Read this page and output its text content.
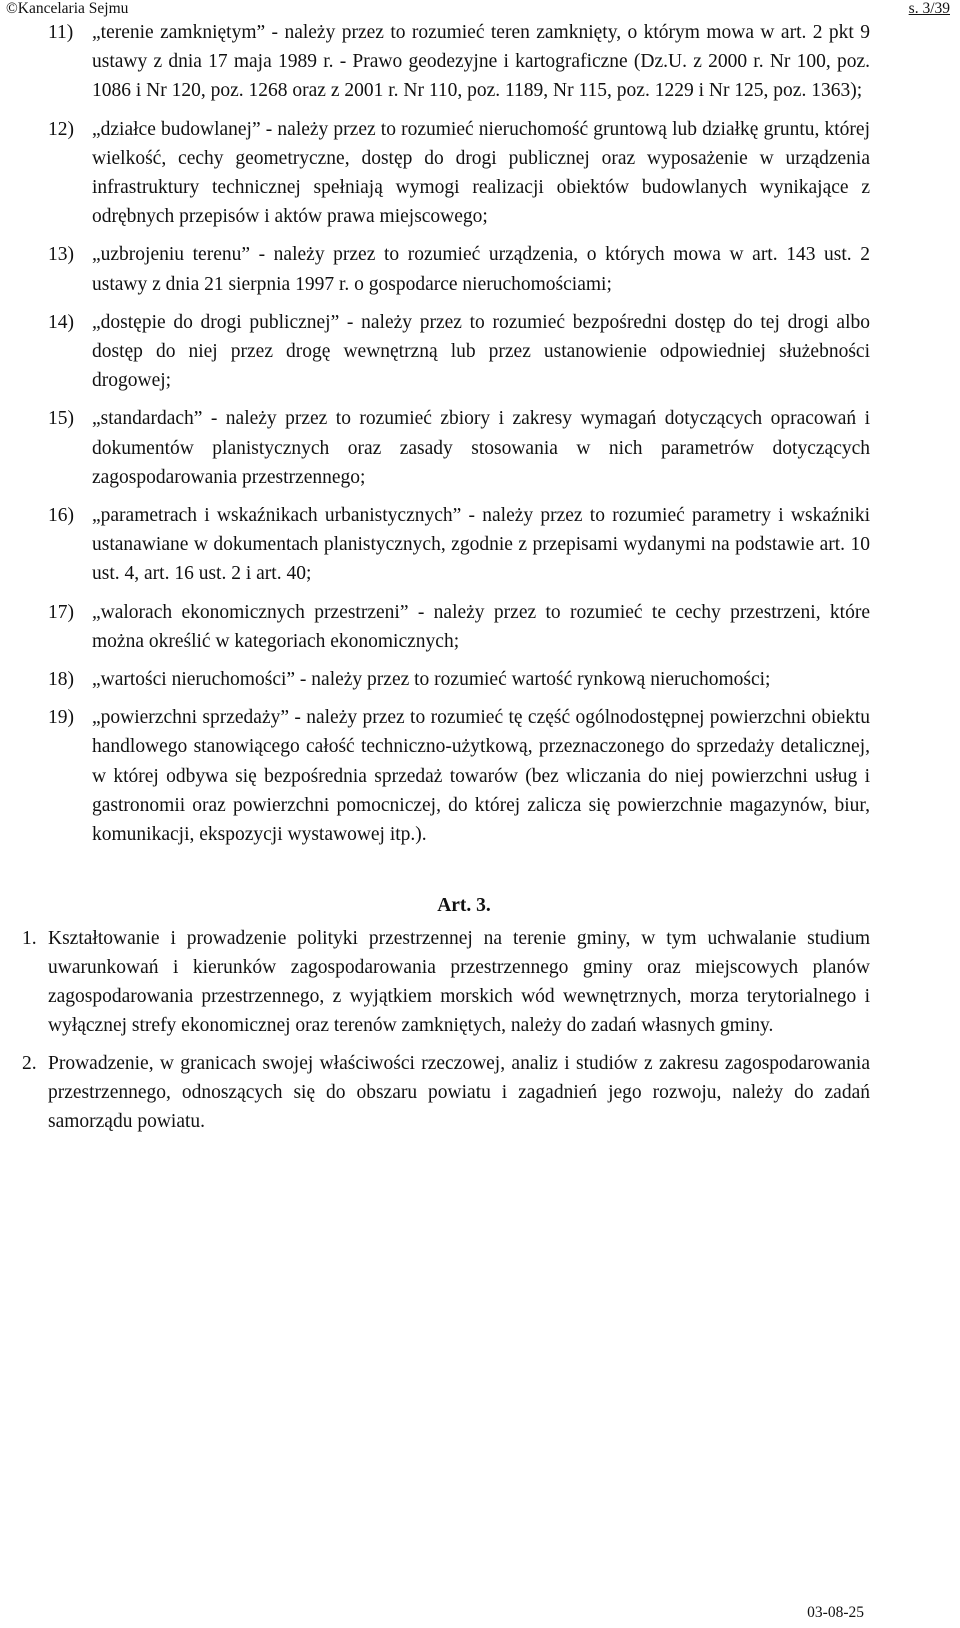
©Kancelaria Sejmu	s. 3/39
11) „terenie zamkniętym” - należy przez to rozumieć teren zamknięty, o którym mowa w art. 2 pkt 9 ustawy z dnia 17 maja 1989 r. - Prawo geodezyjne i kartograficzne (Dz.U. z 2000 r. Nr 100, poz. 1086 i Nr 120, poz. 1268 oraz z 2001 r. Nr 110, poz. 1189, Nr 115, poz. 1229 i Nr 125, poz. 1363);
12) „działce budowlanej” - należy przez to rozumieć nieruchomość gruntową lub działkę gruntu, której wielkość, cechy geometryczne, dostęp do drogi publicznej oraz wyposażenie w urządzenia infrastruktury technicznej spełniają wymogi realizacji obiektów budowlanych wynikające z odrębnych przepisów i aktów prawa miejscowego;
13) „uzbrojeniu terenu” - należy przez to rozumieć urządzenia, o których mowa w art. 143 ust. 2 ustawy z dnia 21 sierpnia 1997 r. o gospodarce nieruchomościami;
14) „dostępie do drogi publicznej” - należy przez to rozumieć bezpośredni dostęp do tej drogi albo dostęp do niej przez drogę wewnętrzną lub przez ustanowienie odpowiedniej służebności drogowej;
15) „standardach” - należy przez to rozumieć zbiory i zakresy wymagań dotyczących opracowań i dokumentów planistycznych oraz zasady stosowania w nich parametrów dotyczących zagospodarowania przestrzennego;
16) „parametrach i wskaźnikach urbanistycznych” - należy przez to rozumieć parametry i wskaźniki ustanawiane w dokumentach planistycznych, zgodnie z przepisami wydanymi na podstawie art. 10 ust. 4, art. 16 ust. 2 i art. 40;
17) „walorach ekonomicznych przestrzeni” - należy przez to rozumieć te cechy przestrzeni, które można określić w kategoriach ekonomicznych;
18) „wartości nieruchomości” - należy przez to rozumieć wartość rynkową nieruchomości;
19) „powierzchni sprzedaży” - należy przez to rozumieć tę część ogólnodostępnej powierzchni obiektu handlowego stanowiącego całość techniczno-użytkową, przeznaczonego do sprzedaży detalicznej, w której odbywa się bezpośrednia sprzedaż towarów (bez wliczania do niej powierzchni usług i gastronomii oraz powierzchni pomocniczej, do której zalicza się powierzchnie magazynów, biur, komunikacji, ekspozycji wystawowej itp.).
Art. 3.
1. Kształtowanie i prowadzenie polityki przestrzennej na terenie gminy, w tym uchwalanie studium uwarunkowań i kierunków zagospodarowania przestrzennego gminy oraz miejscowych planów zagospodarowania przestrzennego, z wyjątkiem morskich wód wewnętrznych, morza terytorialnego i wyłącznej strefy ekonomicznej oraz terenów zamkniętych, należy do zadań własnych gminy.
2. Prowadzenie, w granicach swojej właściwości rzeczowej, analiz i studiów z zakresu zagospodarowania przestrzennego, odnoszących się do obszaru powiatu i zagadnień jego rozwoju, należy do zadań samorządu powiatu.
03-08-25
